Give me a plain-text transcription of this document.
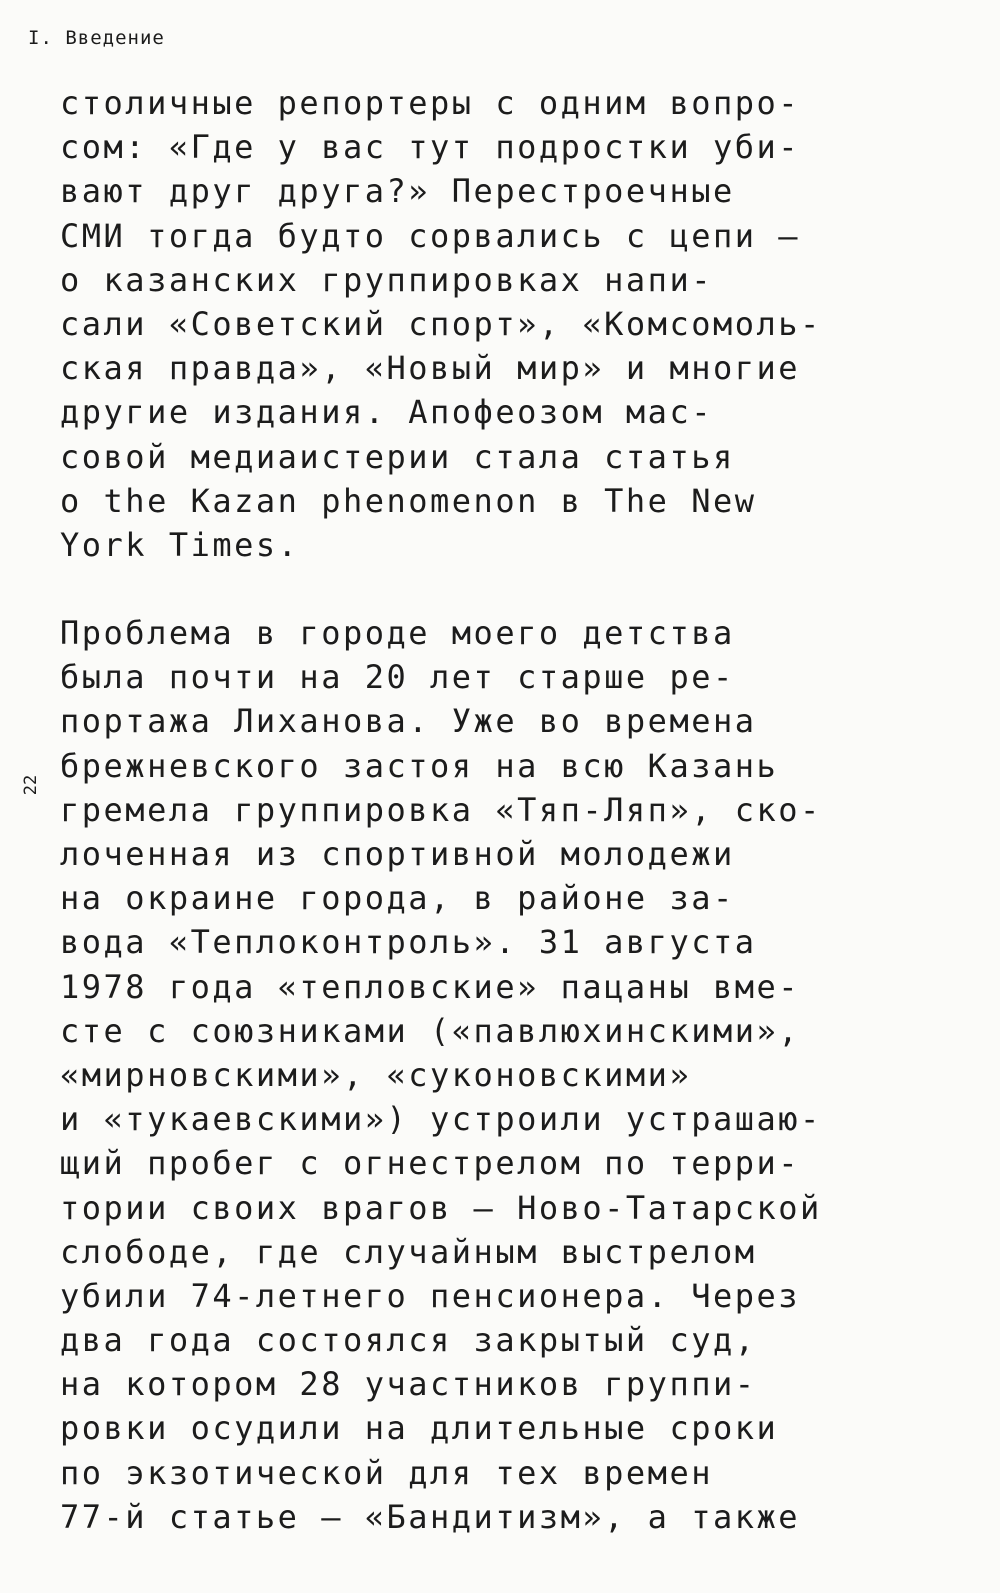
I. Введение
22

столичные репортеры с одним вопро-
сом: «Где у вас тут подростки уби-
вают друг друга?» Перестроечные
СМИ тогда будто сорвались с цепи —
о казанских группировках напи-
сали «Советский спорт», «Комсомоль-
ская правда», «Новый мир» и многие
другие издания. Апофеозом мас-
совой медиаистерии стала статья
о the Kazan phenomenon в The New
York Times.

Проблема в городе моего детства
была почти на 20 лет старше ре-
портажа Лиханова. Уже во времена
брежневского застоя на всю Казань
гремела группировка «Тяп-Ляп», ско-
лоченная из спортивной молодежи
на окраине города, в районе за-
вода «Теплоконтроль». 31 августа
1978 года «тепловские» пацаны вме-
сте с союзниками («павлюхинскими»,
«мирновскими», «суконовскими»
и «тукаевскими») устроили устрашаю-
щий пробег с огнестрелом по терри-
тории своих врагов — Ново-Татарской
слободе, где случайным выстрелом
убили 74-летнего пенсионера. Через
два года состоялся закрытый суд,
на котором 28 участников группи-
ровки осудили на длительные сроки
по экзотической для тех времен
77-й статье — «Бандитизм», а также
